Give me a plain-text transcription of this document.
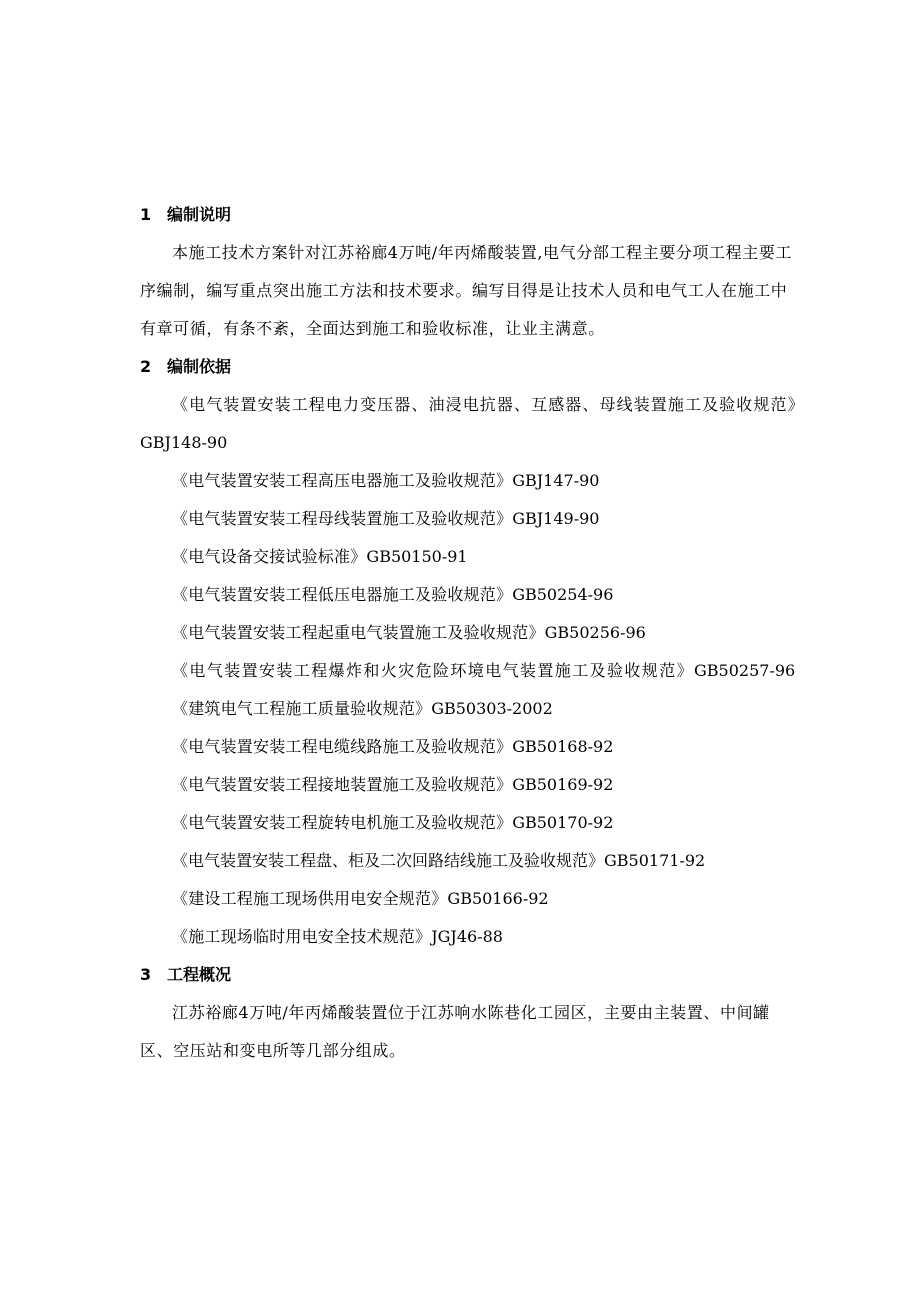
1 编制说明
本施工技术方案针对江苏裕廊4万吨/年丙烯酸装置,电气分部工程主要分项工程主要工序编制，编写重点突出施工方法和技术要求。编写目得是让技术人员和电气工人在施工中有章可循，有条不紊，全面达到施工和验收标准，让业主满意。
2 编制依据
《电气装置安装工程电力变压器、油浸电抗器、互感器、母线装置施工及验收规范》GBJ148-90
《电气装置安装工程高压电器施工及验收规范》GBJ147-90
《电气装置安装工程母线装置施工及验收规范》GBJ149-90
《电气设备交接试验标准》GB50150-91
《电气装置安装工程低压电器施工及验收规范》GB50254-96
《电气装置安装工程起重电气装置施工及验收规范》GB50256-96
《电气装置安装工程爆炸和火灾危险环境电气装置施工及验收规范》GB50257-96
《建筑电气工程施工质量验收规范》GB50303-2002
《电气装置安装工程电缆线路施工及验收规范》GB50168-92
《电气装置安装工程接地装置施工及验收规范》GB50169-92
《电气装置安装工程旋转电机施工及验收规范》GB50170-92
《电气装置安装工程盘、柜及二次回路结线施工及验收规范》GB50171-92
《建设工程施工现场供用电安全规范》GB50166-92
《施工现场临时用电安全技术规范》JGJ46-88
3 工程概况
江苏裕廊4万吨/年丙烯酸装置位于江苏响水陈巷化工园区，主要由主装置、中间罐区、空压站和变电所等几部分组成。
